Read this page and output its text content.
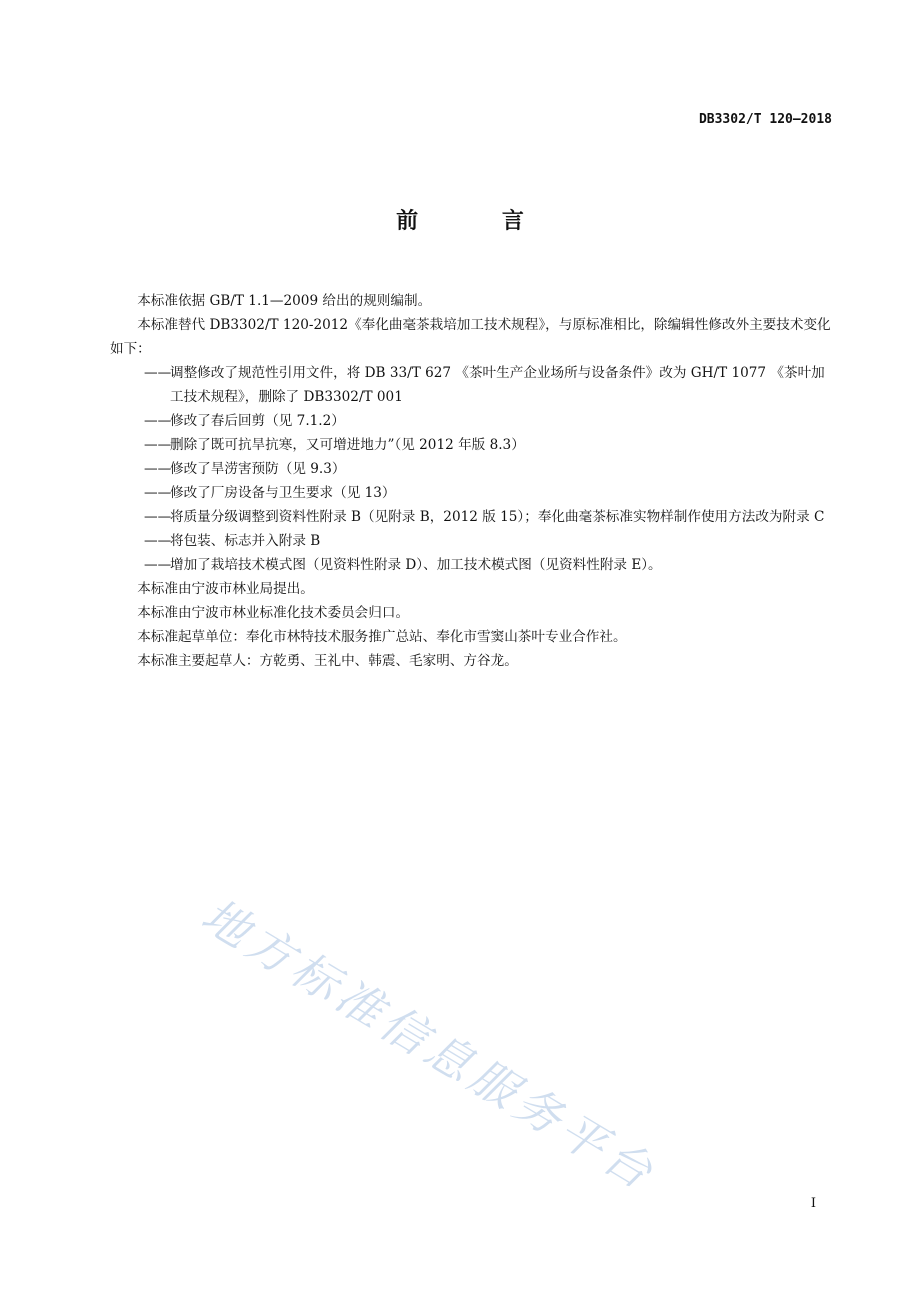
DB3302/T 120—2018
前 言

本标准依据 GB/T 1.1—2009 给出的规则编制。

本标准替代 DB3302/T 120-2012《奉化曲毫茶栽培加工技术规程》，与原标准相比，除编辑性修改外主要技术变化如下：

——调整修改了规范性引用文件，将 DB 33/T 627 《茶叶生产企业场所与设备条件》改为 GH/T 1077 《茶叶加工技术规程》，删除了 DB3302/T 001

——修改了春后回剪（见 7.1.2）

——删除了既可抗旱抗寒，又可增进地力”（见 2012 年版 8.3）

——修改了旱涝害预防（见 9.3）

——修改了厂房设备与卫生要求（见 13）

——将质量分级调整到资料性附录 B（见附录 B，2012 版 15）；奉化曲毫茶标准实物样制作使用方法改为附录 C

——将包装、标志并入附录 B

——增加了栽培技术模式图（见资料性附录 D）、加工技术模式图（见资料性附录 E）。

本标准由宁波市林业局提出。

本标准由宁波市林业标准化技术委员会归口。

本标准起草单位：奉化市林特技术服务推广总站、奉化市雪窦山茶叶专业合作社。

本标准主要起草人：方乾勇、王礼中、韩震、毛家明、方谷龙。

地方标准信息服务平台
I
